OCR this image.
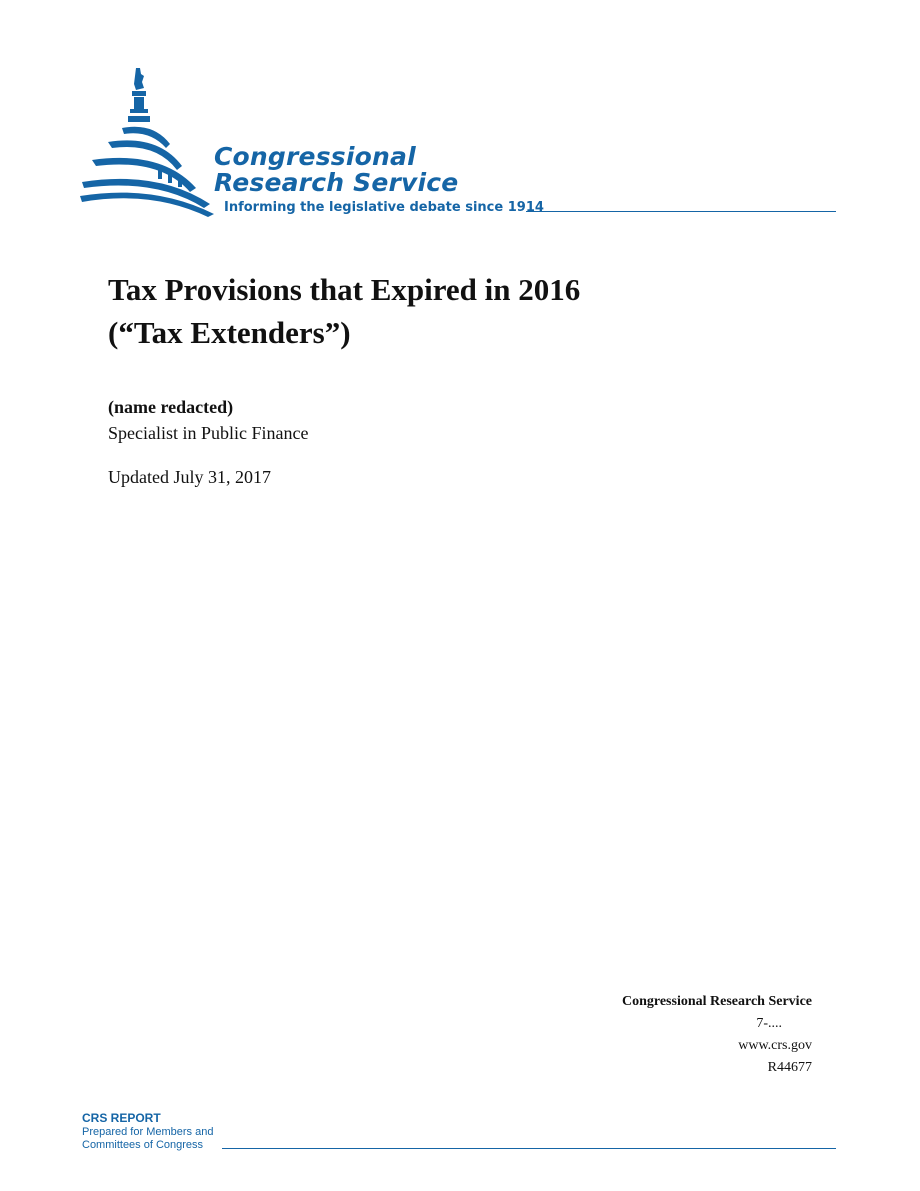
Congressional
Research Service
Informing the legislative debate since 1914
Tax Provisions that Expired in 2016
(“Tax Extenders”)
(name redacted)
Specialist in Public Finance
Updated July 31, 2017
Congressional Research Service
7-....
www.crs.gov
R44677
CRS REPORT
Prepared for Members and
Committees of Congress
